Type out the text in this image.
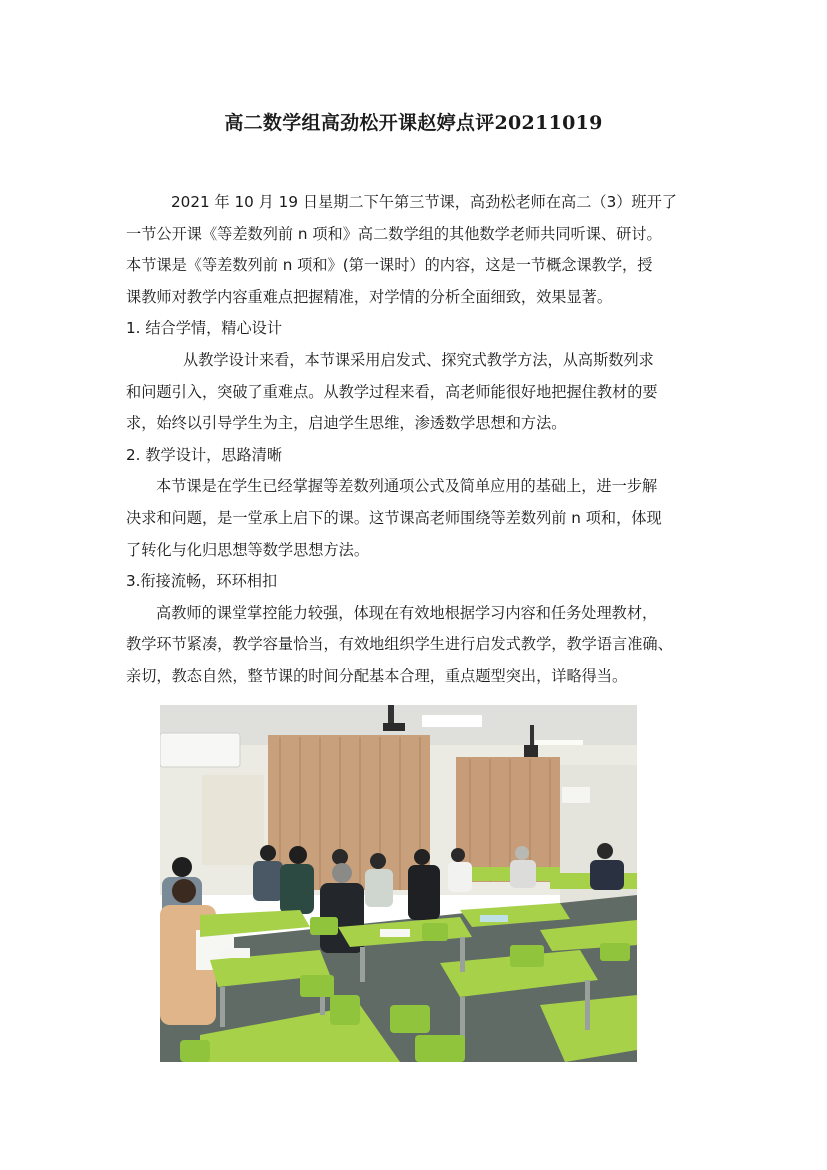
高二数学组高劲松开课赵婷点评20211019
2021 年 10 月 19 日星期二下午第三节课，高劲松老师在高二（3）班开了
一节公开课《等差数列前 n 项和》高二数学组的其他数学老师共同听课、研讨。
本节课是《等差数列前 n 项和》(第一课时）的内容，这是一节概念课教学，授
课教师对教学内容重难点把握精准，对学情的分析全面细致，效果显著。
1. 结合学情，精心设计
从教学设计来看，本节课采用启发式、探究式教学方法，从高斯数列求
和问题引入，突破了重难点。从教学过程来看，高老师能很好地把握住教材的要
求，始终以引导学生为主，启迪学生思维，渗透数学思想和方法。
2. 教学设计，思路清晰
本节课是在学生已经掌握等差数列通项公式及简单应用的基础上，进一步解
决求和问题，是一堂承上启下的课。这节课高老师围绕等差数列前 n 项和，体现
了转化与化归思想等数学思想方法。
3.衔接流畅，环环相扣
高教师的课堂掌控能力较强，体现在有效地根据学习内容和任务处理教材，
教学环节紧凑，教学容量恰当，有效地组织学生进行启发式教学，教学语言准确、
亲切，教态自然，整节课的时间分配基本合理，重点题型突出，详略得当。
